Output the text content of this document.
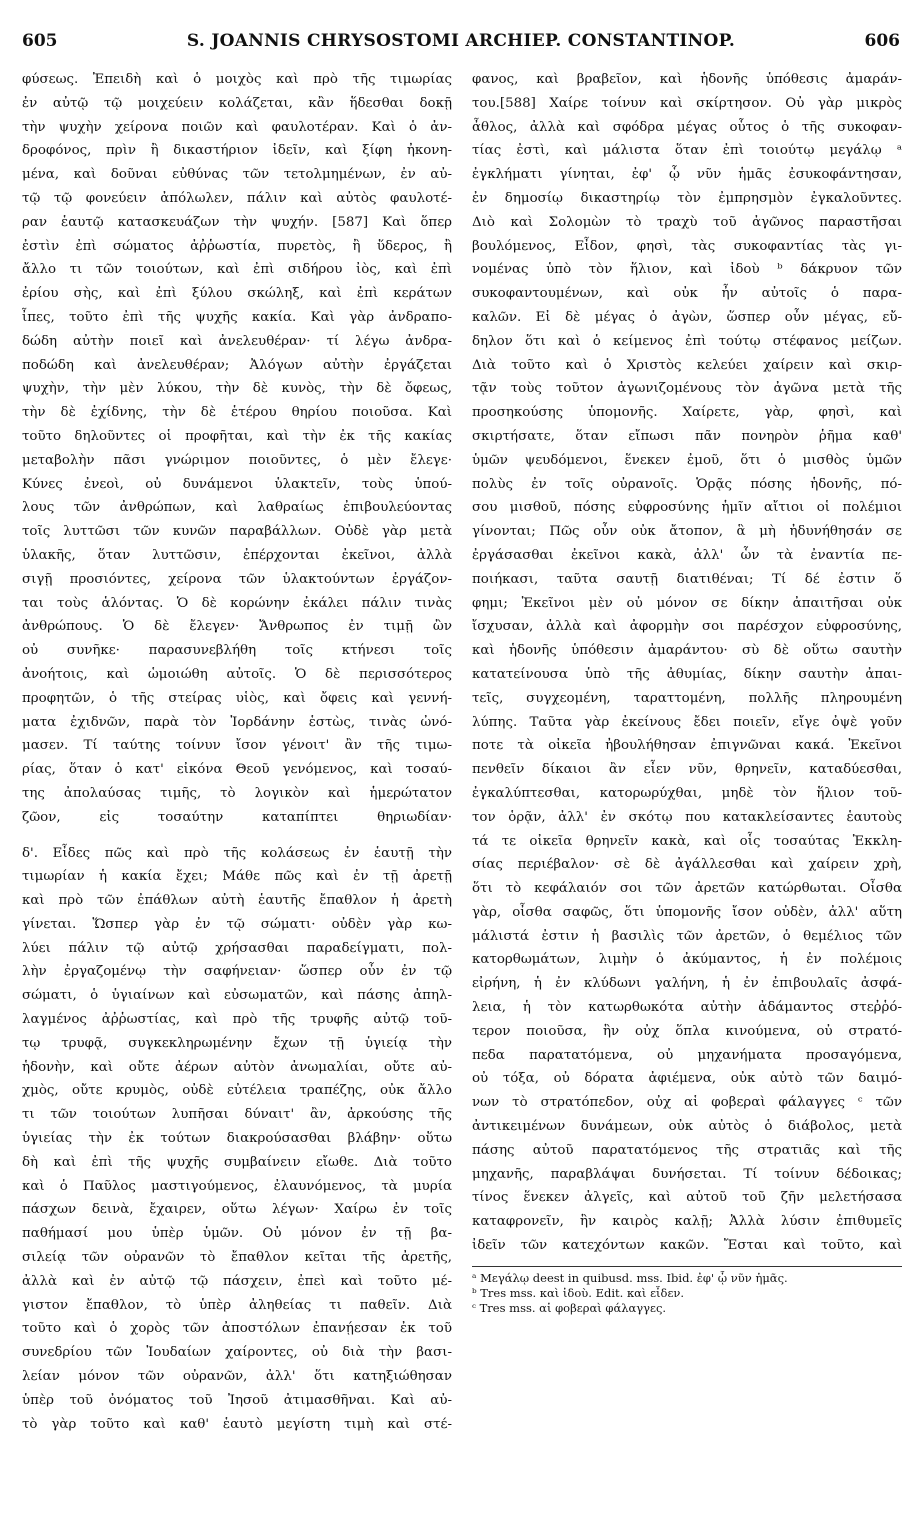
605	S. JOANNIS CHRYSOSTOMI ARCHIEP. CONSTANTINOP.	606
φύσεως. Ἐπειδὴ καὶ ὁ μοιχὸς καὶ πρὸ τῆς τιμωρίας
ἐν αὐτῷ τῷ μοιχεύειν κολάζεται, κἂν ἥδεσθαι δοκῇ
τὴν ψυχὴν χείρονα ποιῶν καὶ φαυλοτέραν. Καὶ ὁ ἀν-
δροφόνος, πρὶν ἢ δικαστήριον ἰδεῖν, καὶ ξίφη ἠκονη-
μένα, καὶ δοῦναι εὐθύνας τῶν τετολμημένων, ἐν αὐ-
τῷ τῷ φονεύειν ἀπόλωλεν, πάλιν καὶ αὐτὸς φαυλοτέ-
ραν ἑαυτῷ κατασκευάζων τὴν ψυχήν. [587] Καὶ ὅπερ
ἐστὶν ἐπὶ σώματος ἀῤῥωστία, πυρετὸς, ἢ ὕδερος, ἢ
ἄλλο τι τῶν τοιούτων, καὶ ἐπὶ σιδήρου ἰὸς, καὶ ἐπὶ
ἐρίου σὴς, καὶ ἐπὶ ξύλου σκώληξ, καὶ ἐπὶ κεράτων
ἶπες, τοῦτο ἐπὶ τῆς ψυχῆς κακία. Καὶ γὰρ ἀνδραπο-
δώδη αὐτὴν ποιεῖ καὶ ἀνελευθέραν· τί λέγω ἀνδρα-
ποδώδη καὶ ἀνελευθέραν; Ἀλόγων αὐτὴν ἐργάζεται
ψυχὴν, τὴν μὲν λύκου, τὴν δὲ κυνὸς, τὴν δὲ ὄφεως,
τὴν δὲ ἐχίδνης, τὴν δὲ ἑτέρου θηρίου ποιοῦσα. Καὶ
τοῦτο δηλοῦντες οἱ προφῆται, καὶ τὴν ἐκ τῆς κακίας
μεταβολὴν πᾶσι γνώριμον ποιοῦντες, ὁ μὲν ἔλεγε·
Κύνες ἐνεοὶ, οὐ δυνάμενοι ὑλακτεῖν, τοὺς ὑπού-
λους τῶν ἀνθρώπων, καὶ λαθραίως ἐπιβουλεύοντας
τοῖς λυττῶσι τῶν κυνῶν παραβάλλων. Οὐδὲ γὰρ μετὰ
ὑλακῆς, ὅταν λυττῶσιν, ἐπέρχονται ἐκεῖνοι, ἀλλὰ
σιγῇ προσιόντες, χείρονα τῶν ὑλακτούντων ἐργάζον-
ται τοὺς ἁλόντας. Ὁ δὲ κορώνην ἐκάλει πάλιν τινὰς
ἀνθρώπους. Ὁ δὲ ἔλεγεν· Ἄνθρωπος ἐν τιμῇ ὢν
οὐ συνῆκε· παρασυνεβλήθη τοῖς κτήνεσι τοῖς
ἀνοήτοις, καὶ ὡμοιώθη αὐτοῖς. Ὁ δὲ περισσότερος
προφητῶν, ὁ τῆς στείρας υἱὸς, καὶ ὄφεις καὶ γεννή-
ματα ἐχιδνῶν, παρὰ τὸν Ἰορδάνην ἑστὼς, τινὰς ὠνό-
μασεν. Τί ταύτης τοίνυν ἴσον γένοιτ' ἂν τῆς τιμω-
ρίας, ὅταν ὁ κατ' εἰκόνα Θεοῦ γενόμενος, καὶ τοσαύ-
της ἀπολαύσας τιμῆς, τὸ λογικὸν καὶ ἡμερώτατον
ζῶον, εἰς τοσαύτην καταπίπτει θηριωδίαν·
δ'. Εἶδες πῶς καὶ πρὸ τῆς κολάσεως ἐν ἑαυτῇ τὴν
τιμωρίαν ἡ κακία ἔχει; Μάθε πῶς καὶ ἐν τῇ ἀρετῇ
καὶ πρὸ τῶν ἐπάθλων αὐτὴ ἑαυτῆς ἔπαθλον ἡ ἀρετὴ
γίνεται. Ὥσπερ γὰρ ἐν τῷ σώματι· οὐδὲν γὰρ κω-
λύει πάλιν τῷ αὐτῷ χρήσασθαι παραδείγματι, πολ-
λὴν ἐργαζομένῳ τὴν σαφήνειαν· ὥσπερ οὖν ἐν τῷ
σώματι, ὁ ὑγιαίνων καὶ εὐσωματῶν, καὶ πάσης ἀπηλ-
λαγμένος ἀῤῥωστίας, καὶ πρὸ τῆς τρυφῆς αὐτῷ τοῦ-
τῳ τρυφᾷ, συγκεκληρωμένην ἔχων τῇ ὑγιείᾳ τὴν
ἡδονὴν, καὶ οὔτε ἀέρων αὐτὸν ἀνωμαλίαι, οὔτε αὐ-
χμὸς, οὔτε κρυμὸς, οὐδὲ εὐτέλεια τραπέζης, οὐκ ἄλλο
τι τῶν τοιούτων λυπῆσαι δύναιτ' ἂν, ἀρκούσης τῆς
ὑγιείας τὴν ἐκ τούτων διακρούσασθαι βλάβην· οὕτω
δὴ καὶ ἐπὶ τῆς ψυχῆς συμβαίνειν εἴωθε. Διὰ τοῦτο
καὶ ὁ Παῦλος μαστιγούμενος, ἐλαυνόμενος, τὰ μυρία
πάσχων δεινὰ, ἔχαιρεν, οὕτω λέγων· Χαίρω ἐν τοῖς
παθήμασί μου ὑπὲρ ὑμῶν. Οὐ μόνον ἐν τῇ βα-
σιλείᾳ τῶν οὐρανῶν τὸ ἔπαθλον κεῖται τῆς ἀρετῆς,
ἀλλὰ καὶ ἐν αὐτῷ τῷ πάσχειν, ἐπεὶ καὶ τοῦτο μέ-
γιστον ἔπαθλον, τὸ ὑπὲρ ἀληθείας τι παθεῖν. Διὰ
τοῦτο καὶ ὁ χορὸς τῶν ἀποστόλων ἐπανῄεσαν ἐκ τοῦ
συνεδρίου τῶν Ἰουδαίων χαίροντες, οὐ διὰ τὴν βασι-
λείαν μόνον τῶν οὐρανῶν, ἀλλ' ὅτι κατηξιώθησαν
ὑπὲρ τοῦ ὀνόματος τοῦ Ἰησοῦ ἀτιμασθῆναι. Καὶ αὐ-
τὸ γὰρ τοῦτο καὶ καθ' ἑαυτὸ μεγίστη τιμὴ καὶ στέ-
φανος, καὶ βραβεῖον, καὶ ἡδονῆς ὑπόθεσις ἀμαράν-
του.[588] Χαίρε τοίνυν καὶ σκίρτησον. Οὐ γὰρ μικρὸς
ἆθλος, ἀλλὰ καὶ σφόδρα μέγας οὗτος ὁ τῆς συκοφαν-
τίας ἐστὶ, καὶ μάλιστα ὅταν ἐπὶ τοιούτῳ μεγάλῳ ᵃ
ἐγκλήματι γίνηται, ἐφ' ᾧ νῦν ἡμᾶς ἐσυκοφάντησαν,
ἐν δημοσίῳ δικαστηρίῳ τὸν ἐμπρησμὸν ἐγκαλοῦντες.
Διὸ καὶ Σολομὼν τὸ τραχὺ τοῦ ἀγῶνος παραστῆσαι
βουλόμενος, Εἶδον, φησὶ, τὰς συκοφαντίας τὰς γι-
νομένας ὑπὸ τὸν ἥλιον, καὶ ἰδοὺ ᵇ δάκρυον τῶν
συκοφαντουμένων, καὶ οὐκ ἦν αὐτοῖς ὁ παρα-
καλῶν. Εἰ δὲ μέγας ὁ ἀγὼν, ὥσπερ οὖν μέγας, εὔ-
δηλον ὅτι καὶ ὁ κείμενος ἐπὶ τούτῳ στέφανος μείζων.
Διὰ τοῦτο καὶ ὁ Χριστὸς κελεύει χαίρειν καὶ σκιρ-
τᾷν τοὺς τοῦτον ἀγωνιζομένους τὸν ἀγῶνα μετὰ τῆς
προσηκούσης ὑπομονῆς. Χαίρετε, γὰρ, φησὶ, καὶ
σκιρτήσατε, ὅταν εἴπωσι πᾶν πονηρὸν ῥῆμα καθ'
ὑμῶν ψευδόμενοι, ἕνεκεν ἐμοῦ, ὅτι ὁ μισθὸς ὑμῶν
πολὺς ἐν τοῖς οὐρανοῖς. Ὁρᾷς πόσης ἡδονῆς, πό-
σου μισθοῦ, πόσης εὐφροσύνης ἡμῖν αἴτιοι οἱ πολέμιοι
γίνονται; Πῶς οὖν οὐκ ἄτοπον, ἃ μὴ ἠδυνήθησάν σε
ἐργάσασθαι ἐκεῖνοι κακὰ, ἀλλ' ὧν τὰ ἐναντία πε-
ποιήκασι, ταῦτα σαυτῇ διατιθέναι; Τί δέ ἐστιν ὅ
φημι; Ἐκεῖνοι μὲν οὐ μόνον σε δίκην ἀπαιτῆσαι οὐκ
ἴσχυσαν, ἀλλὰ καὶ ἀφορμὴν σοι παρέσχον εὐφροσύνης,
καὶ ἡδονῆς ὑπόθεσιν ἀμαράντου· σὺ δὲ οὕτω σαυτὴν
κατατείνουσα ὑπὸ τῆς ἀθυμίας, δίκην σαυτὴν ἀπαι-
τεῖς, συγχεομένη, ταραττομένη, πολλῆς πληρουμένη
λύπης. Ταῦτα γὰρ ἐκείνους ἔδει ποιεῖν, εἴγε ὀψὲ γοῦν
ποτε τὰ οἰκεῖα ἠβουλήθησαν ἐπιγνῶναι κακά. Ἐκεῖνοι
πενθεῖν δίκαιοι ἂν εἶεν νῦν, θρηνεῖν, καταδύεσθαι,
ἐγκαλύπτεσθαι, κατορωρύχθαι, μηδὲ τὸν ἥλιον τοῦ-
τον ὁρᾷν, ἀλλ' ἐν σκότῳ που κατακλείσαντες ἑαυτοὺς
τά τε οἰκεῖα θρηνεῖν κακὰ, καὶ οἷς τοσαύτας Ἐκκλη-
σίας περιέβαλον· σὲ δὲ ἀγάλλεσθαι καὶ χαίρειν χρὴ,
ὅτι τὸ κεφάλαιόν σοι τῶν ἀρετῶν κατώρθωται. Οἶσθα
γὰρ, οἶσθα σαφῶς, ὅτι ὑπομονῆς ἴσον οὐδὲν, ἀλλ' αὕτη
μάλιστά ἐστιν ἡ βασιλὶς τῶν ἀρετῶν, ὁ θεμέλιος τῶν
κατορθωμάτων, λιμὴν ὁ ἀκύμαντος, ἡ ἐν πολέμοις
εἰρήνη, ἡ ἐν κλύδωνι γαλήνη, ἡ ἐν ἐπιβουλαῖς ἀσφά-
λεια, ἡ τὸν κατωρθωκότα αὐτὴν ἀδάμαντος στεῤῥό-
τερον ποιοῦσα, ἣν οὐχ ὅπλα κινούμενα, οὐ στρατό-
πεδα παρατατόμενα, οὐ μηχανήματα προσαγόμενα,
οὐ τόξα, οὐ δόρατα ἀφιέμενα, οὐκ αὐτὸ τῶν δαιμό-
νων τὸ στρατόπεδον, οὐχ αἱ φοβεραὶ φάλαγγες ᶜ τῶν
ἀντικειμένων δυνάμεων, οὐκ αὐτὸς ὁ διάβολος, μετὰ
πάσης αὐτοῦ παρατατόμενος τῆς στρατιᾶς καὶ τῆς
μηχανῆς, παραβλάψαι δυνήσεται. Τί τοίνυν δέδοικας;
τίνος ἕνεκεν ἀλγεῖς, καὶ αὐτοῦ τοῦ ζῆν μελετήσασα
καταφρονεῖν, ἣν καιρὸς καλῇ; Ἀλλὰ λύσιν ἐπιθυμεῖς
ἰδεῖν τῶν κατεχόντων κακῶν. Ἔσται καὶ τοῦτο, καὶ
ᵃ Μεγάλῳ deest in quibusd. mss. Ibid. ἐφ' ᾧ νῦν ἡμᾶς.
ᵇ Tres mss. καὶ ἰδοὺ. Edit. καὶ εἶδεν.
ᶜ Tres mss. αἱ φοβεραὶ φάλαγγες.
